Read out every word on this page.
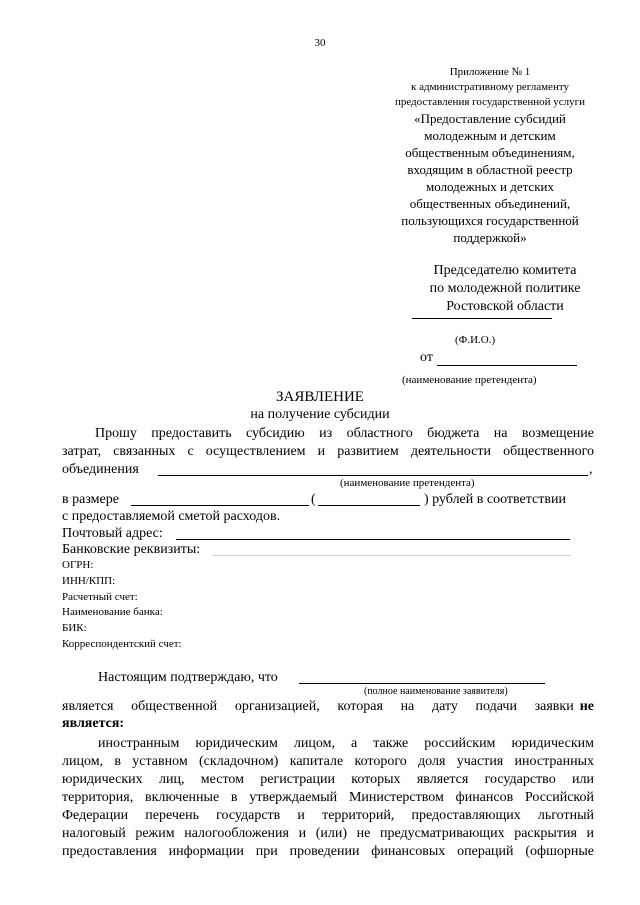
30
Приложение № 1
к административному регламенту
предоставления государственной услуги
«Предоставление субсидий
молодежным и детским
общественным объединениям,
входящим в областной реестр
молодежных и детских
общественных объединений,
пользующихся государственной
поддержкой»
Председателю комитета
по молодежной политике
Ростовской области
(Ф.И.О.)
от
(наименование претендента)
ЗАЯВЛЕНИЕ
на получение субсидии
Прошу предоставить субсидию из областного бюджета на возмещение
затрат, связанных с осуществлением и развитием деятельности общественного
объединения	,
(наименование претендента)
в размере	(	) рублей в соответствии
с предоставляемой сметой расходов.
Почтовый адрес:
Банковские реквизиты:
ОГРН:
ИНН/КПП:
Расчетный счет:
Наименование банка:
БИК:
Корреспондентский счет:
Настоящим подтверждаю, что
(полное наименование заявителя)
является общественной организацией, которая на дату подачи заявки не
является:
иностранным юридическим лицом, а также российским юридическим
лицом, в уставном (складочном) капитале которого доля участия иностранных
юридических лиц, местом регистрации которых является государство или
территория, включенные в утверждаемый Министерством финансов Российской
Федерации перечень государств и территорий, предоставляющих льготный
налоговый режим налогообложения и (или) не предусматривающих раскрытия и
предоставления информации при проведении финансовых операций (офшорные
